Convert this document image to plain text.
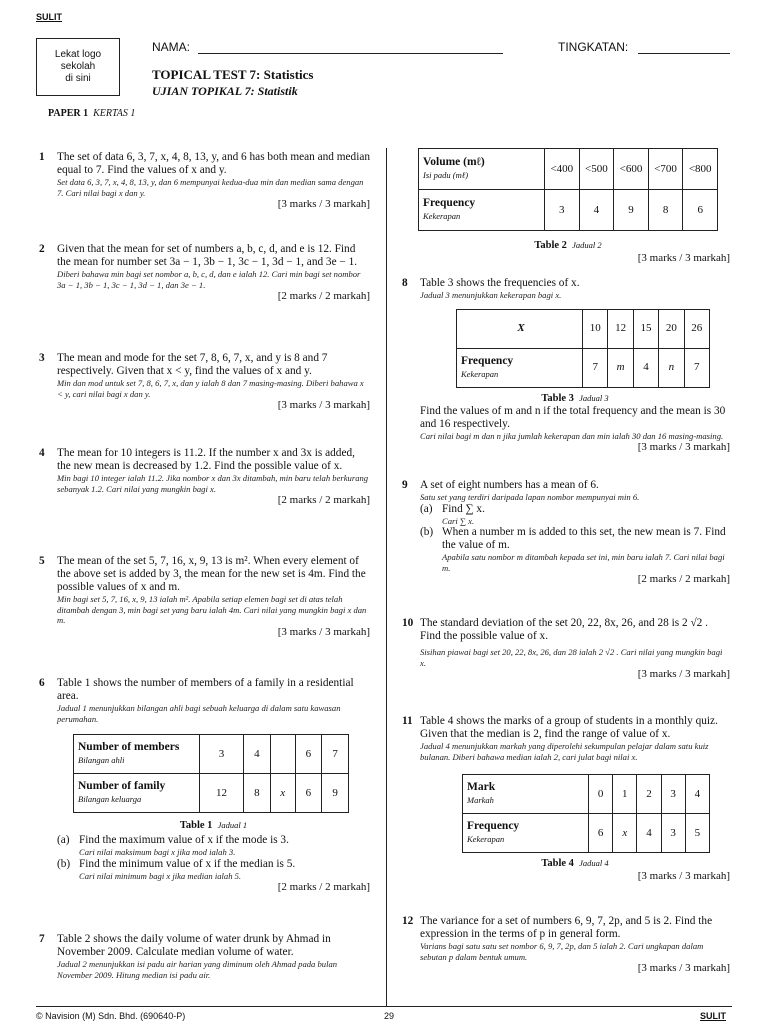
SULIT
Lekat logo
sekolah
di sini
NAMA:	TINGKATAN:
TOPICAL TEST 7: Statistics
UJIAN TOPIKAL 7: Statistik
PAPER 1 KERTAS 1
1 The set of data 6, 3, 7, x, 4, 8, 13, y, and 6 has both mean and median equal to 7. Find the values of x and y.
Set data 6, 3, 7, x, 4, 8, 13, y, dan 6 mempunyai kedua-dua min dan median sama dengan 7. Cari nilai bagi x dan y.
[3 marks / 3 markah]
2 Given that the mean for set of numbers a, b, c, d, and e is 12. Find the mean for number set 3a − 1, 3b − 1, 3c − 1, 3d − 1, and 3e − 1.
Diberi bahawa min bagi set nombor a, b, c, d, dan e ialah 12. Cari min bagi set nombor 3a − 1, 3b − 1, 3c − 1, 3d − 1, dan 3e − 1.
[2 marks / 2 markah]
3 The mean and mode for the set 7, 8, 6, 7, x, and y is 8 and 7 respectively. Given that x < y, find the values of x and y.
Min dan mod untuk set 7, 8, 6, 7, x, dan y ialah 8 dan 7 masing-masing. Diberi bahawa x < y, cari nilai bagi x dan y.
[3 marks / 3 markah]
4 The mean for 10 integers is 11.2. If the number x and 3x is added, the new mean is decreased by 1.2. Find the possible value of x.
Min bagi 10 integer ialah 11.2. Jika nombor x dan 3x ditambah, min baru telah berkurang sebanyak 1.2. Cari nilai yang mungkin bagi x.
[2 marks / 2 markah]
5 The mean of the set 5, 7, 16, x, 9, 13 is m². When every element of the above set is added by 3, the mean for the new set is 4m. Find the possible values of x and m.
Min bagi set 5, 7, 16, x, 9, 13 ialah m². Apabila setiap elemen bagi set di atas telah ditambah dengan 3, min bagi set yang baru ialah 4m. Cari nilai yang mungkin bagi x dan m.
[3 marks / 3 markah]
6 Table 1 shows the number of members of a family in a residential area.
Jadual 1 menunjukkan bilangan ahli bagi sebuah keluarga di dalam satu kawasan perumahan.
Number of members
Bilangan ahli	3	4		6	7

Number of family
Bilangan keluarga	12	8	x	6	9
Table 1 Jadual 1
(a) Find the maximum value of x if the mode is 3.
Cari nilai maksimum bagi x jika mod ialah 3.
(b) Find the minimum value of x if the median is 5.
Cari nilai minimum bagi x jika median ialah 5.
[2 marks / 2 markah]
7 Table 2 shows the daily volume of water drunk by Ahmad in November 2009. Calculate median volume of water.
Jadual 2 menunjukkan isi padu air harian yang diminum oleh Ahmad pada bulan November 2009. Hitung median isi padu air.
Volume (mℓ)
Isi padu (mℓ)	<400	<500	<600	<700	<800

Frequency
Kekerapan	3	4	9	8	6
Table 2 Jadual 2
[3 marks / 3 markah]
8 Table 3 shows the frequencies of x.
Jadual 3 menunjukkan kekerapan bagi x.
X	10	12	15	20	26

Frequency
Kekerapan	7	m	4	n	7
Table 3 Jadual 3
Find the values of m and n if the total frequency and the mean is 30 and 16 respectively.
Cari nilai bagi m dan n jika jumlah kekerapan dan min ialah 30 dan 16 masing-masing.
[3 marks / 3 markah]
9 A set of eight numbers has a mean of 6.
Satu set yang terdiri daripada lapan nombor mempunyai min 6.
(a) Find ∑ x.
Cari ∑ x.
(b) When a number m is added to this set, the new mean is 7. Find the value of m.
Apabila satu nombor m ditambah kepada set ini, min baru ialah 7. Cari nilai bagi m.
[2 marks / 2 markah]
10 The standard deviation of the set 20, 22, 8x, 26, and 28 is 2 √2 . Find the possible value of x.
Sisihan piawai bagi set 20, 22, 8x, 26, dan 28 ialah 2 √2 . Cari nilai yang mungkin bagi x.
[3 marks / 3 markah]
11 Table 4 shows the marks of a group of students in a monthly quiz. Given that the median is 2, find the range of value of x.
Jadual 4 menunjukkan markah yang diperolehi sekumpulan pelajar dalam satu kuiz bulanan. Diberi bahawa median ialah 2, cari julat bagi nilai x.
Mark
Markah	0	1	2	3	4

Frequency
Kekerapan	6	x	4	3	5
Table 4 Jadual 4
[3 marks / 3 markah]
12 The variance for a set of numbers 6, 9, 7, 2p, and 5 is 2. Find the expression in the terms of p in general form.
Varians bagi satu satu set nombor 6, 9, 7, 2p, dan 5 ialah 2. Cari ungkapan dalam sebutan p dalam bentuk umum.
[3 marks / 3 markah]
© Navision (M) Sdn. Bhd. (690640-P)	29	SULIT
